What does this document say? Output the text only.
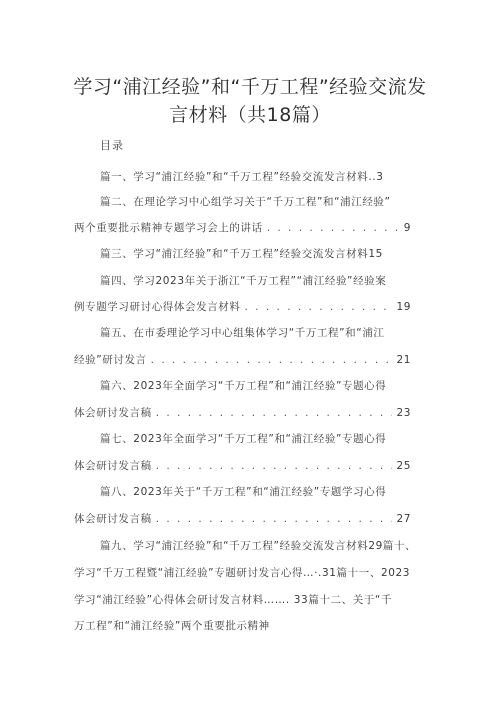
学习“浦江经验”和“千万工程”经验交流发
言材料（共18篇）
目录
篇一、学习“浦江经验”和“千万工程”经验交流发言材料..3
篇二、在理论学习中心组学习关于“千万工程”和“浦江经验”
两个重要批示精神专题学习会上的讲话 . . .	9
篇三、学习“浦江经验”和“千万工程”经验交流发言材料15
篇四、学习2023年关于浙江“千万工程”“浦江经验”经验案
例专题学习研讨心得体会发言材料 . . .	19
篇五、在市委理论学习中心组集体学习“千万工程”和“浦江
经验”研讨发言 . . .	21
篇六、2023年全面学习“千万工程”和“浦江经验”专题心得
体会研讨发言稿 . . .	23
篇七、2023年全面学习“千万工程”和“浦江经验”专题心得
体会研讨发言稿 . . .	25
篇八、2023年关于“千万工程”和“浦江经验”专题学习心得
体会研讨发言稿 . . .	27
篇九、学习“浦江经验”和“千万工程”经验交流发言材料29篇十、
学习“千万工程暨“浦江经验”专题研讨发言心得…·.31篇十一、2023
学习“浦江经验”心得体会研讨发言材料……. 33篇十二、关于“千
万工程”和“浦江经验”两个重要批示精神
